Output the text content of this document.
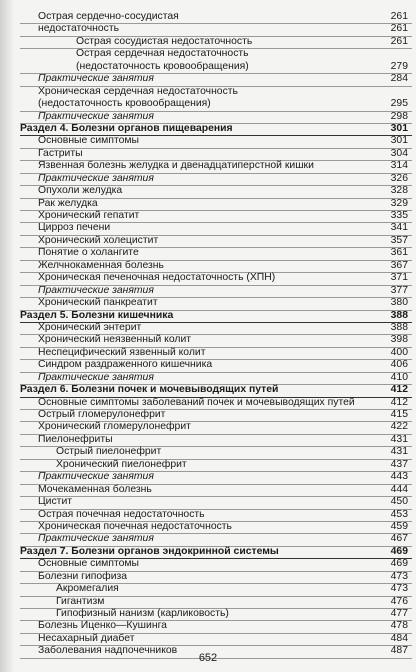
Острая сердечно-сосудистая	261
недостаточность	261
Острая сосудистая недостаточность	261
Острая сердечная недостаточность
(недостаточность кровообращения)	279
Практические занятия	284
Хроническая сердечная недостаточность
(недостаточность кровообращения)	295
Практические занятия	298
Раздел 4. Болезни органов пищеварения	301
Основные симптомы	301
Гастриты	304
Язвенная болезнь желудка и двенадцатиперстной кишки	314
Практические занятия	326
Опухоли желудка	328
Рак желудка	329
Хронический гепатит	335
Цирроз печени	341
Хронический холецистит	357
Понятие о холангите	361
Желчнокаменная болезнь	367
Хроническая печеночная недостаточность (ХПН)	371
Практические занятия	377
Хронический панкреатит	380
Раздел 5. Болезни кишечника	388
Хронический энтерит	388
Хронический неязвенный колит	398
Неспецифический язвенный колит	400
Синдром раздраженного кишечника	406
Практические занятия	410
Раздел 6. Болезни почек и мочевыводящих путей	412
Основные симптомы заболеваний почек и мочевыводящих путей	412
Острый гломерулонефрит	415
Хронический гломерулонефрит	422
Пиелонефриты	431
Острый пиелонефрит	431
Хронический пиелонефрит	437
Практические занятия	443
Мочекаменная болезнь	444
Цистит	450
Острая почечная недостаточность	453
Хроническая почечная недостаточность	459
Практические занятия	467
Раздел 7. Болезни органов эндокринной системы	469
Основные симптомы	469
Болезни гипофиза	473
Акромегалия	473
Гигантизм	476
Гипофизный нанизм (карликовость)	477
Болезнь Иценко—Кушинга	478
Несахарный диабет	484
Заболевания надпочечников	487
652
